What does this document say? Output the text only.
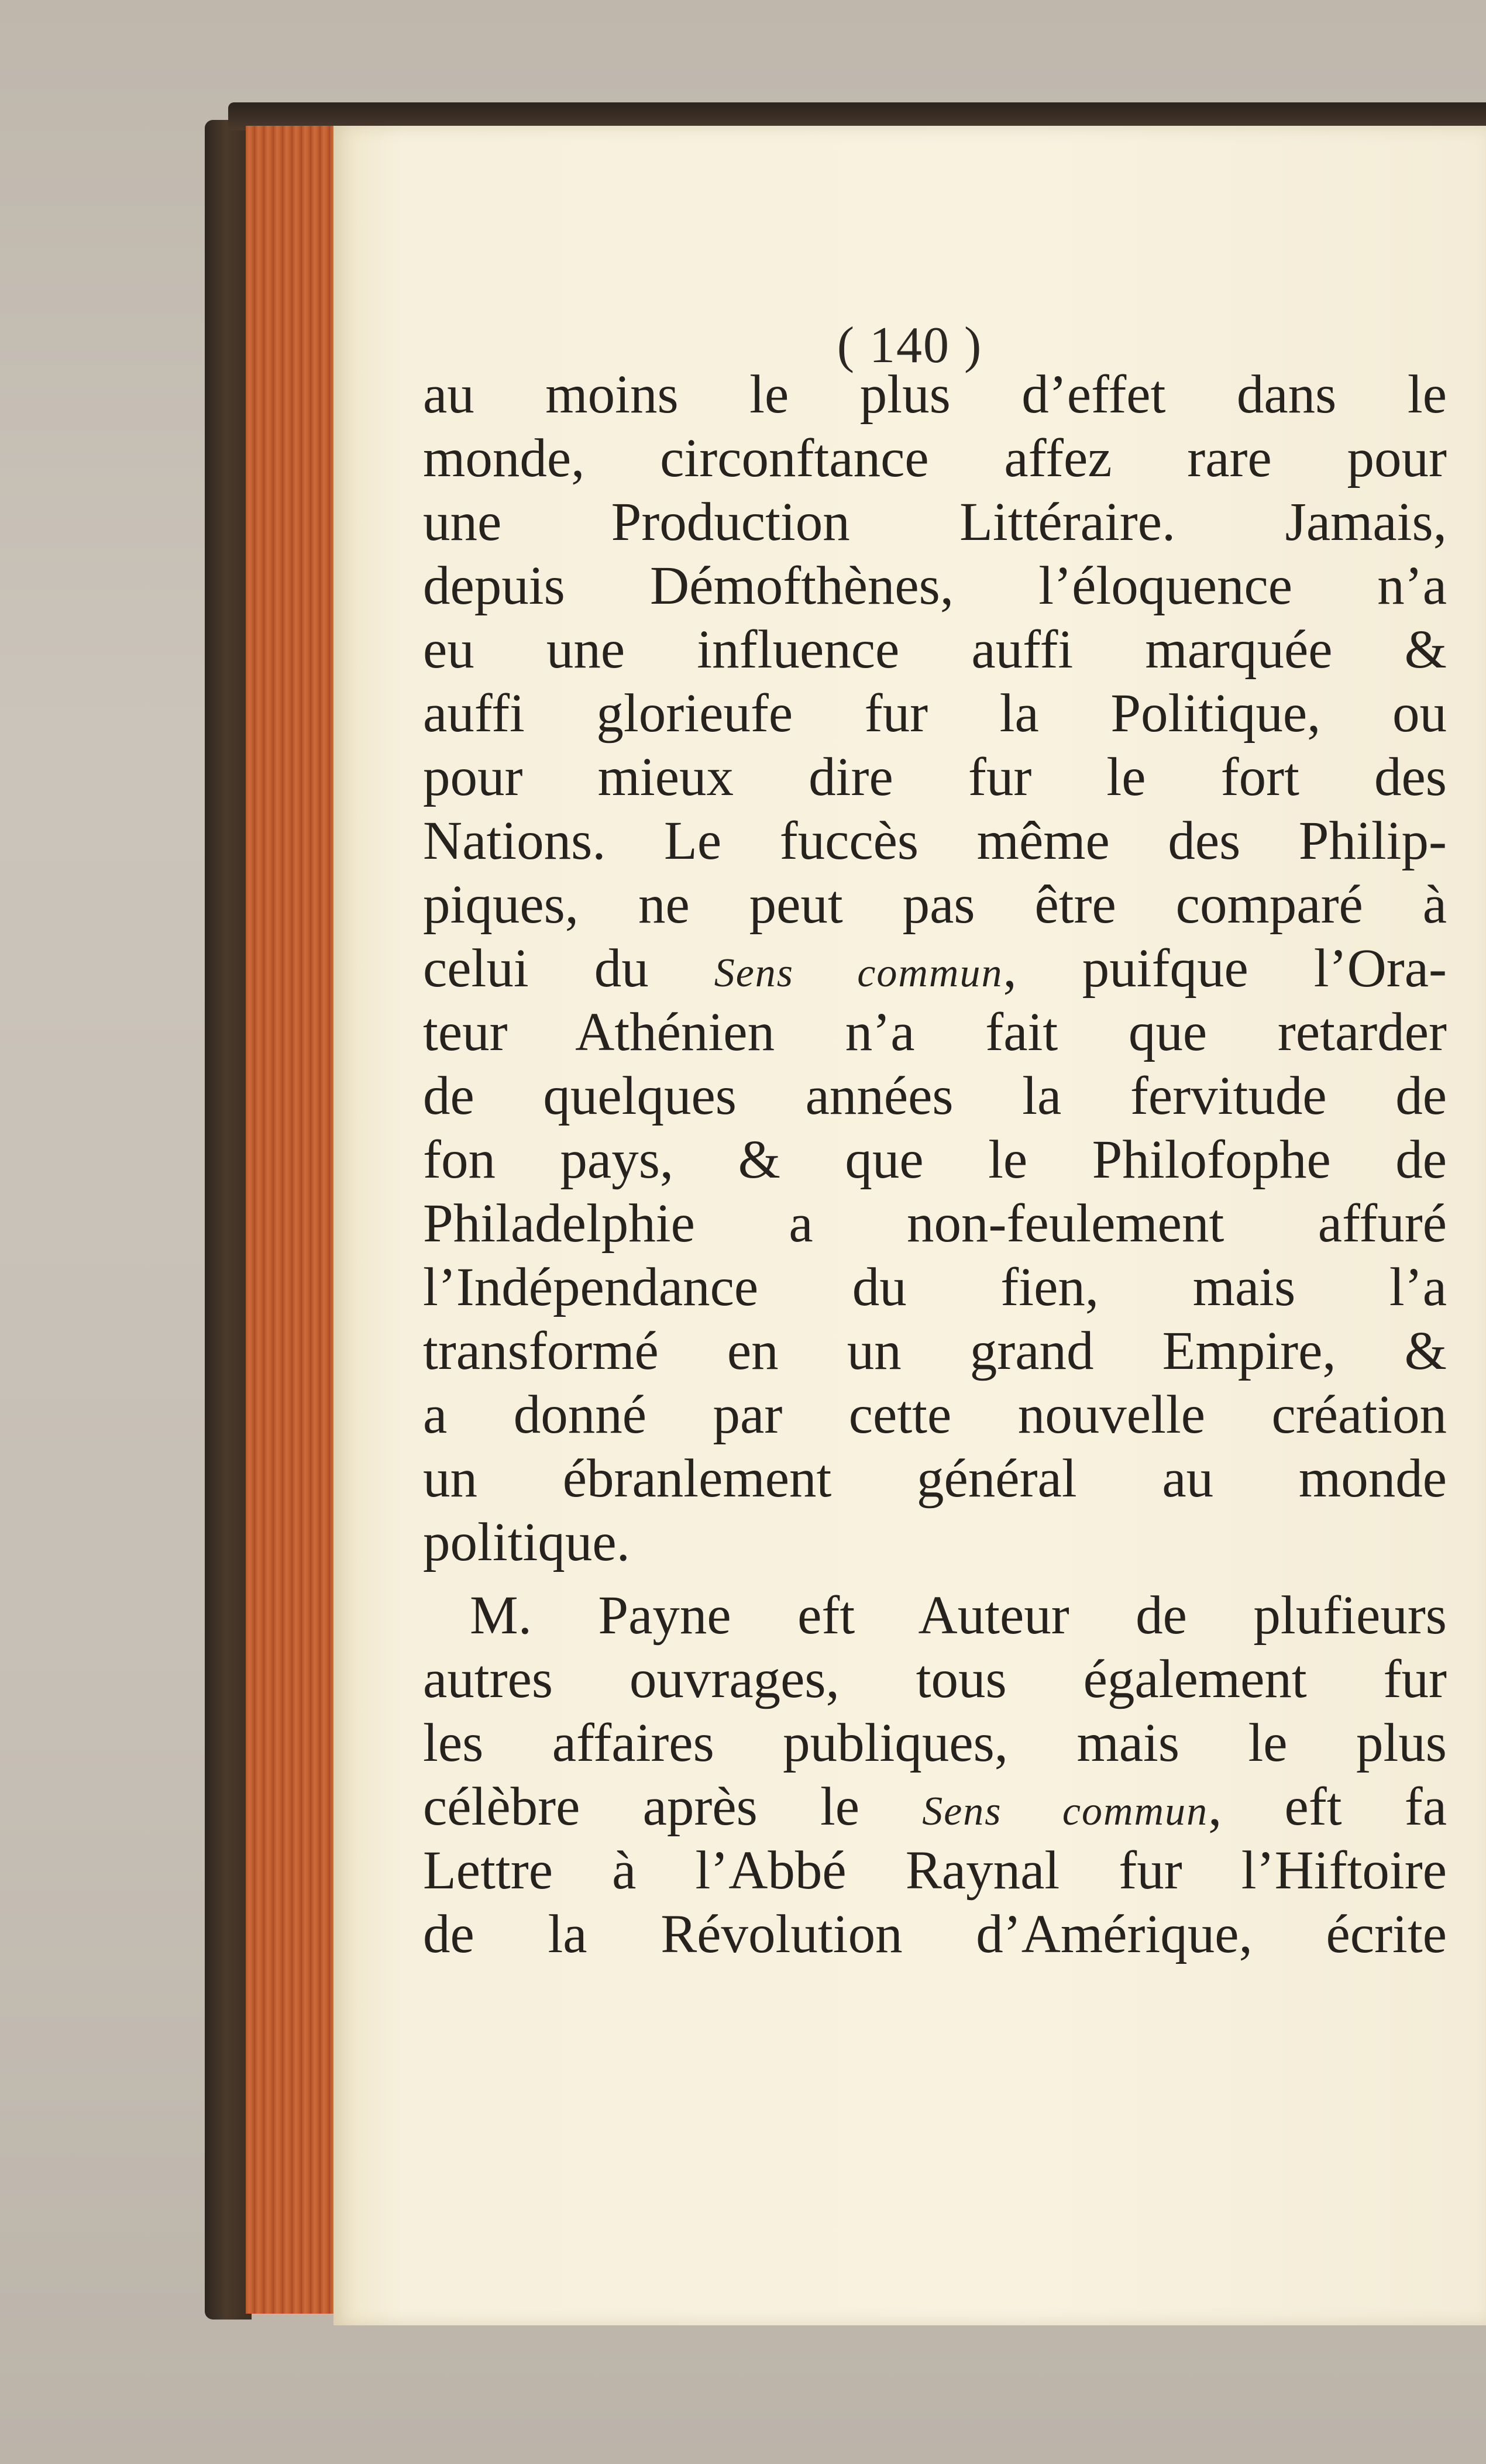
( 140 )
au moins le plus d’effet dans le
monde, circonftance affez rare pour
une Production Littéraire. Jamais,
depuis Démofthènes, l’éloquence n’a
eu une influence auffi marquée &
auffi glorieufe fur la Politique, ou
pour mieux dire fur le fort des
Nations. Le fuccès même des Philip-
piques, ne peut pas être comparé à
celui du Sens commun, puifque l’Ora-
teur Athénien n’a fait que retarder
de quelques années la fervitude de
fon pays, & que le Philofophe de
Philadelphie a non-feulement affuré
l’Indépendance du fien, mais l’a
transformé en un grand Empire, &
a donné par cette nouvelle création
un ébranlement général au monde
politique.
M. Payne eft Auteur de plufieurs
autres ouvrages, tous également fur
les affaires publiques, mais le plus
célèbre après le Sens commun, eft fa
Lettre à l’Abbé Raynal fur l’Hiftoire
de la Révolution d’Amérique, écrite
